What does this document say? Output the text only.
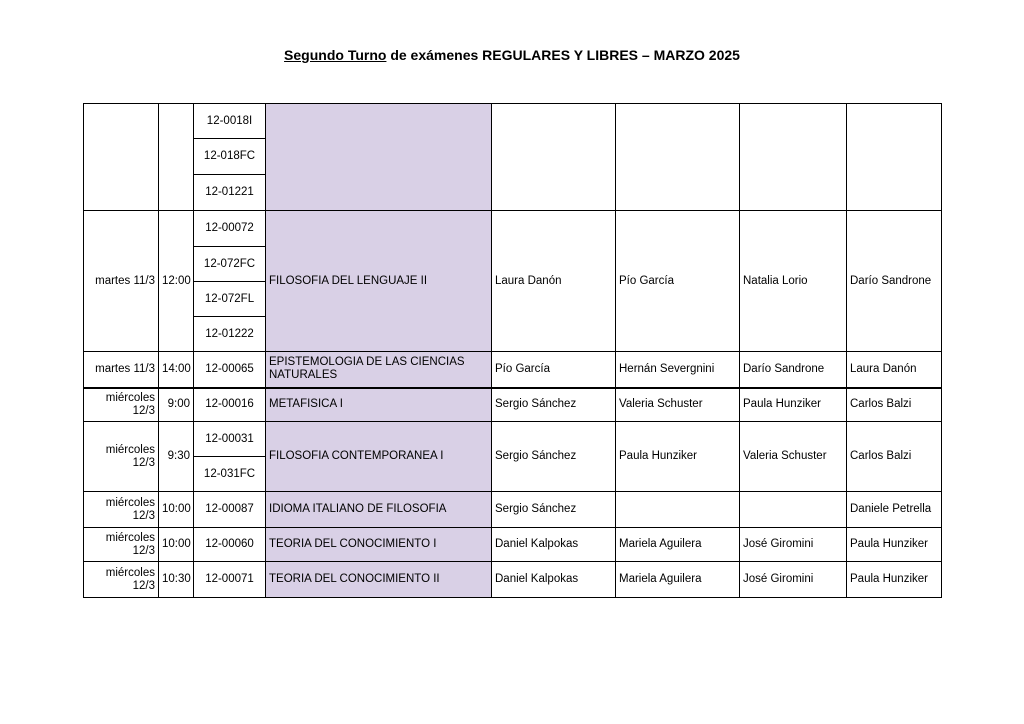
Segundo Turno de exámenes REGULARES Y LIBRES – MARZO 2025
		12-0018I					
		12-018FC					
		12-01221					
martes 11/3	12:00	12-00072	FILOSOFIA DEL LENGUAJE II	Laura Danón	Pío García	Natalia Lorio	Darío Sandrone
		12-072FC					
		12-072FL					
		12-01222					
martes 11/3	14:00	12-00065	EPISTEMOLOGIA DE LAS CIENCIAS NATURALES	Pío García	Hernán Severgnini	Darío Sandrone	Laura Danón
miércoles 12/3	9:00	12-00016	METAFISICA I	Sergio Sánchez	Valeria Schuster	Paula Hunziker	Carlos Balzi
miércoles 12/3	9:30	12-00031	FILOSOFIA CONTEMPORANEA I	Sergio Sánchez	Paula Hunziker	Valeria Schuster	Carlos Balzi
		12-031FC					
miércoles 12/3	10:00	12-00087	IDIOMA ITALIANO DE FILOSOFIA	Sergio Sánchez			Daniele Petrella
miércoles 12/3	10:00	12-00060	TEORIA DEL CONOCIMIENTO I	Daniel Kalpokas	Mariela Aguilera	José Giromini	Paula Hunziker
miércoles 12/3	10:30	12-00071	TEORIA DEL CONOCIMIENTO II	Daniel Kalpokas	Mariela Aguilera	José Giromini	Paula Hunziker
